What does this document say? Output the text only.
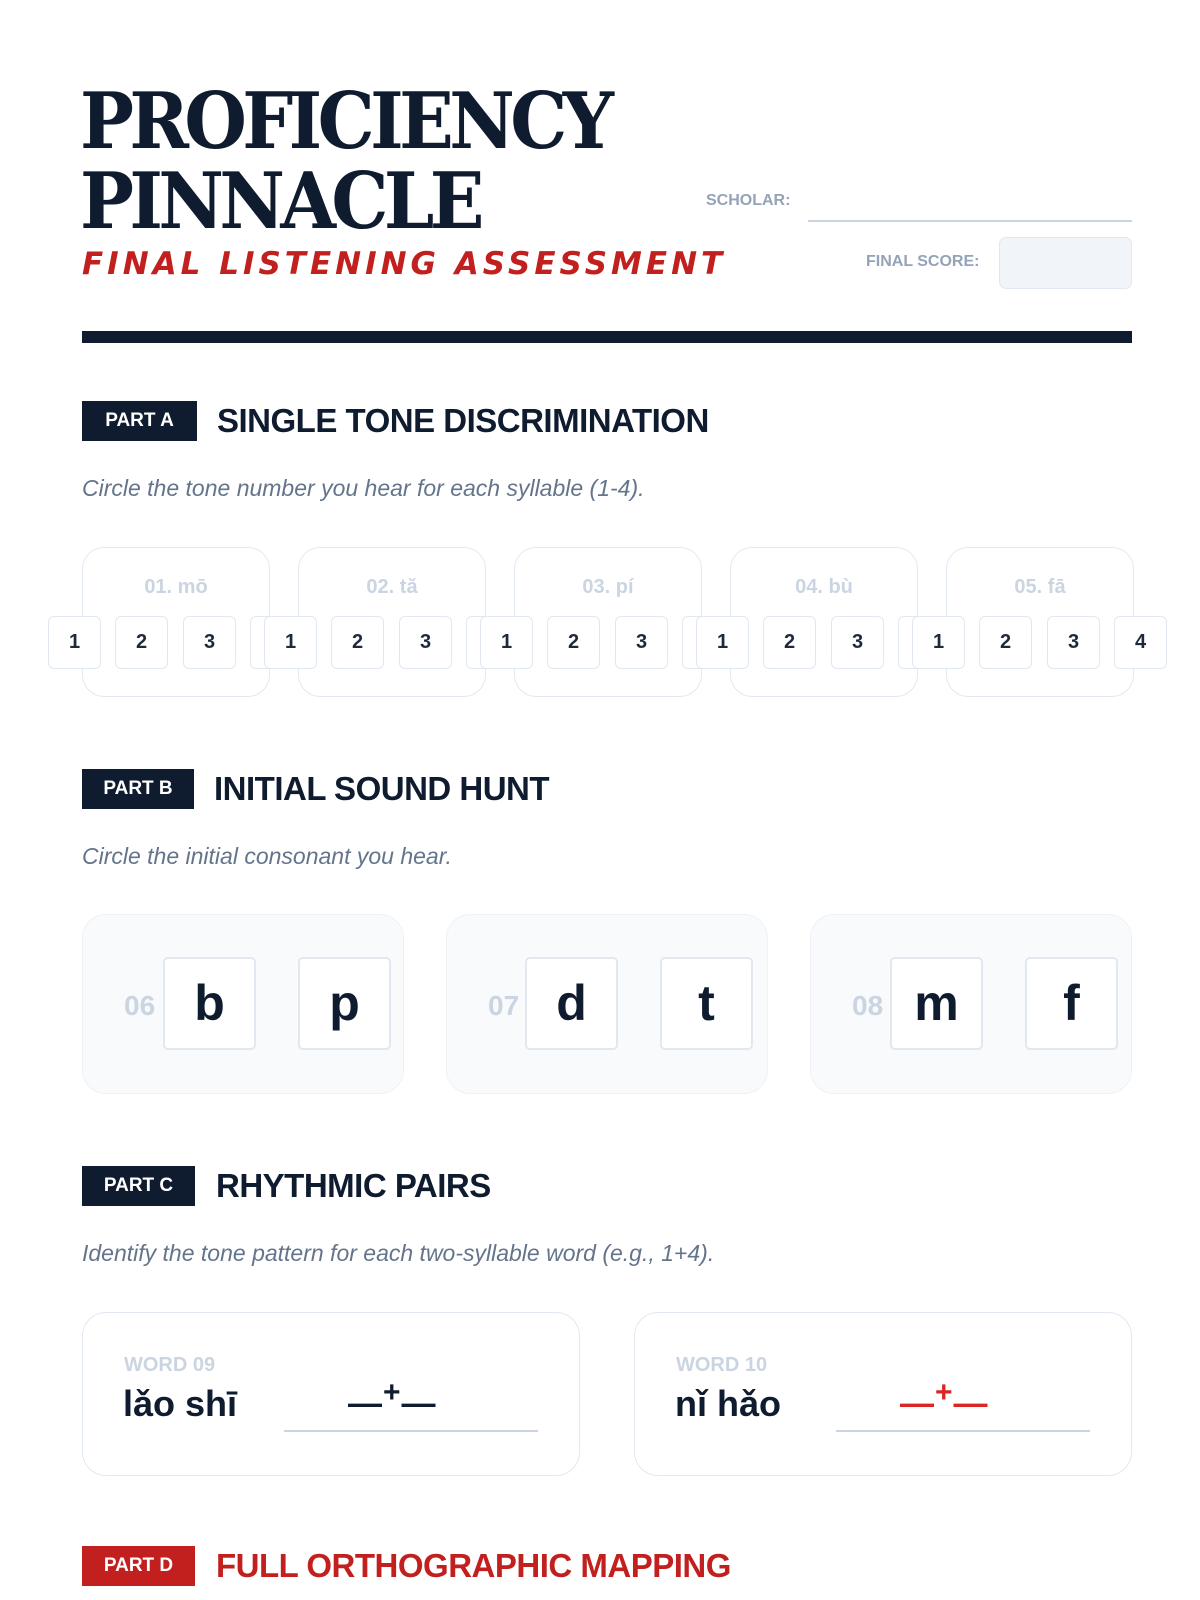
PROFICIENCY
PINNACLE
FINAL LISTENING ASSESSMENT
SCHOLAR:
FINAL SCORE:
PART A	SINGLE TONE DISCRIMINATION
Circle the tone number you hear for each syllable (1-4).
01. mō	02. tă	03. pí	04. bù	05. fā
1	2	3	1	2	3	1	2	3	1	2	3	1	2	3	4
PART B	INITIAL SOUND HUNT
Circle the initial consonant you hear.
06 b	p	07 d	t	08 m	f
PART C	RHYTHMIC PAIRS
Identify the tone pattern for each two-syllable word (e.g., 1+4).
WORD 09
lǎo shī	—+—
WORD 10
nǐ hǎo	—+—
PART D	FULL ORTHOGRAPHIC MAPPING
